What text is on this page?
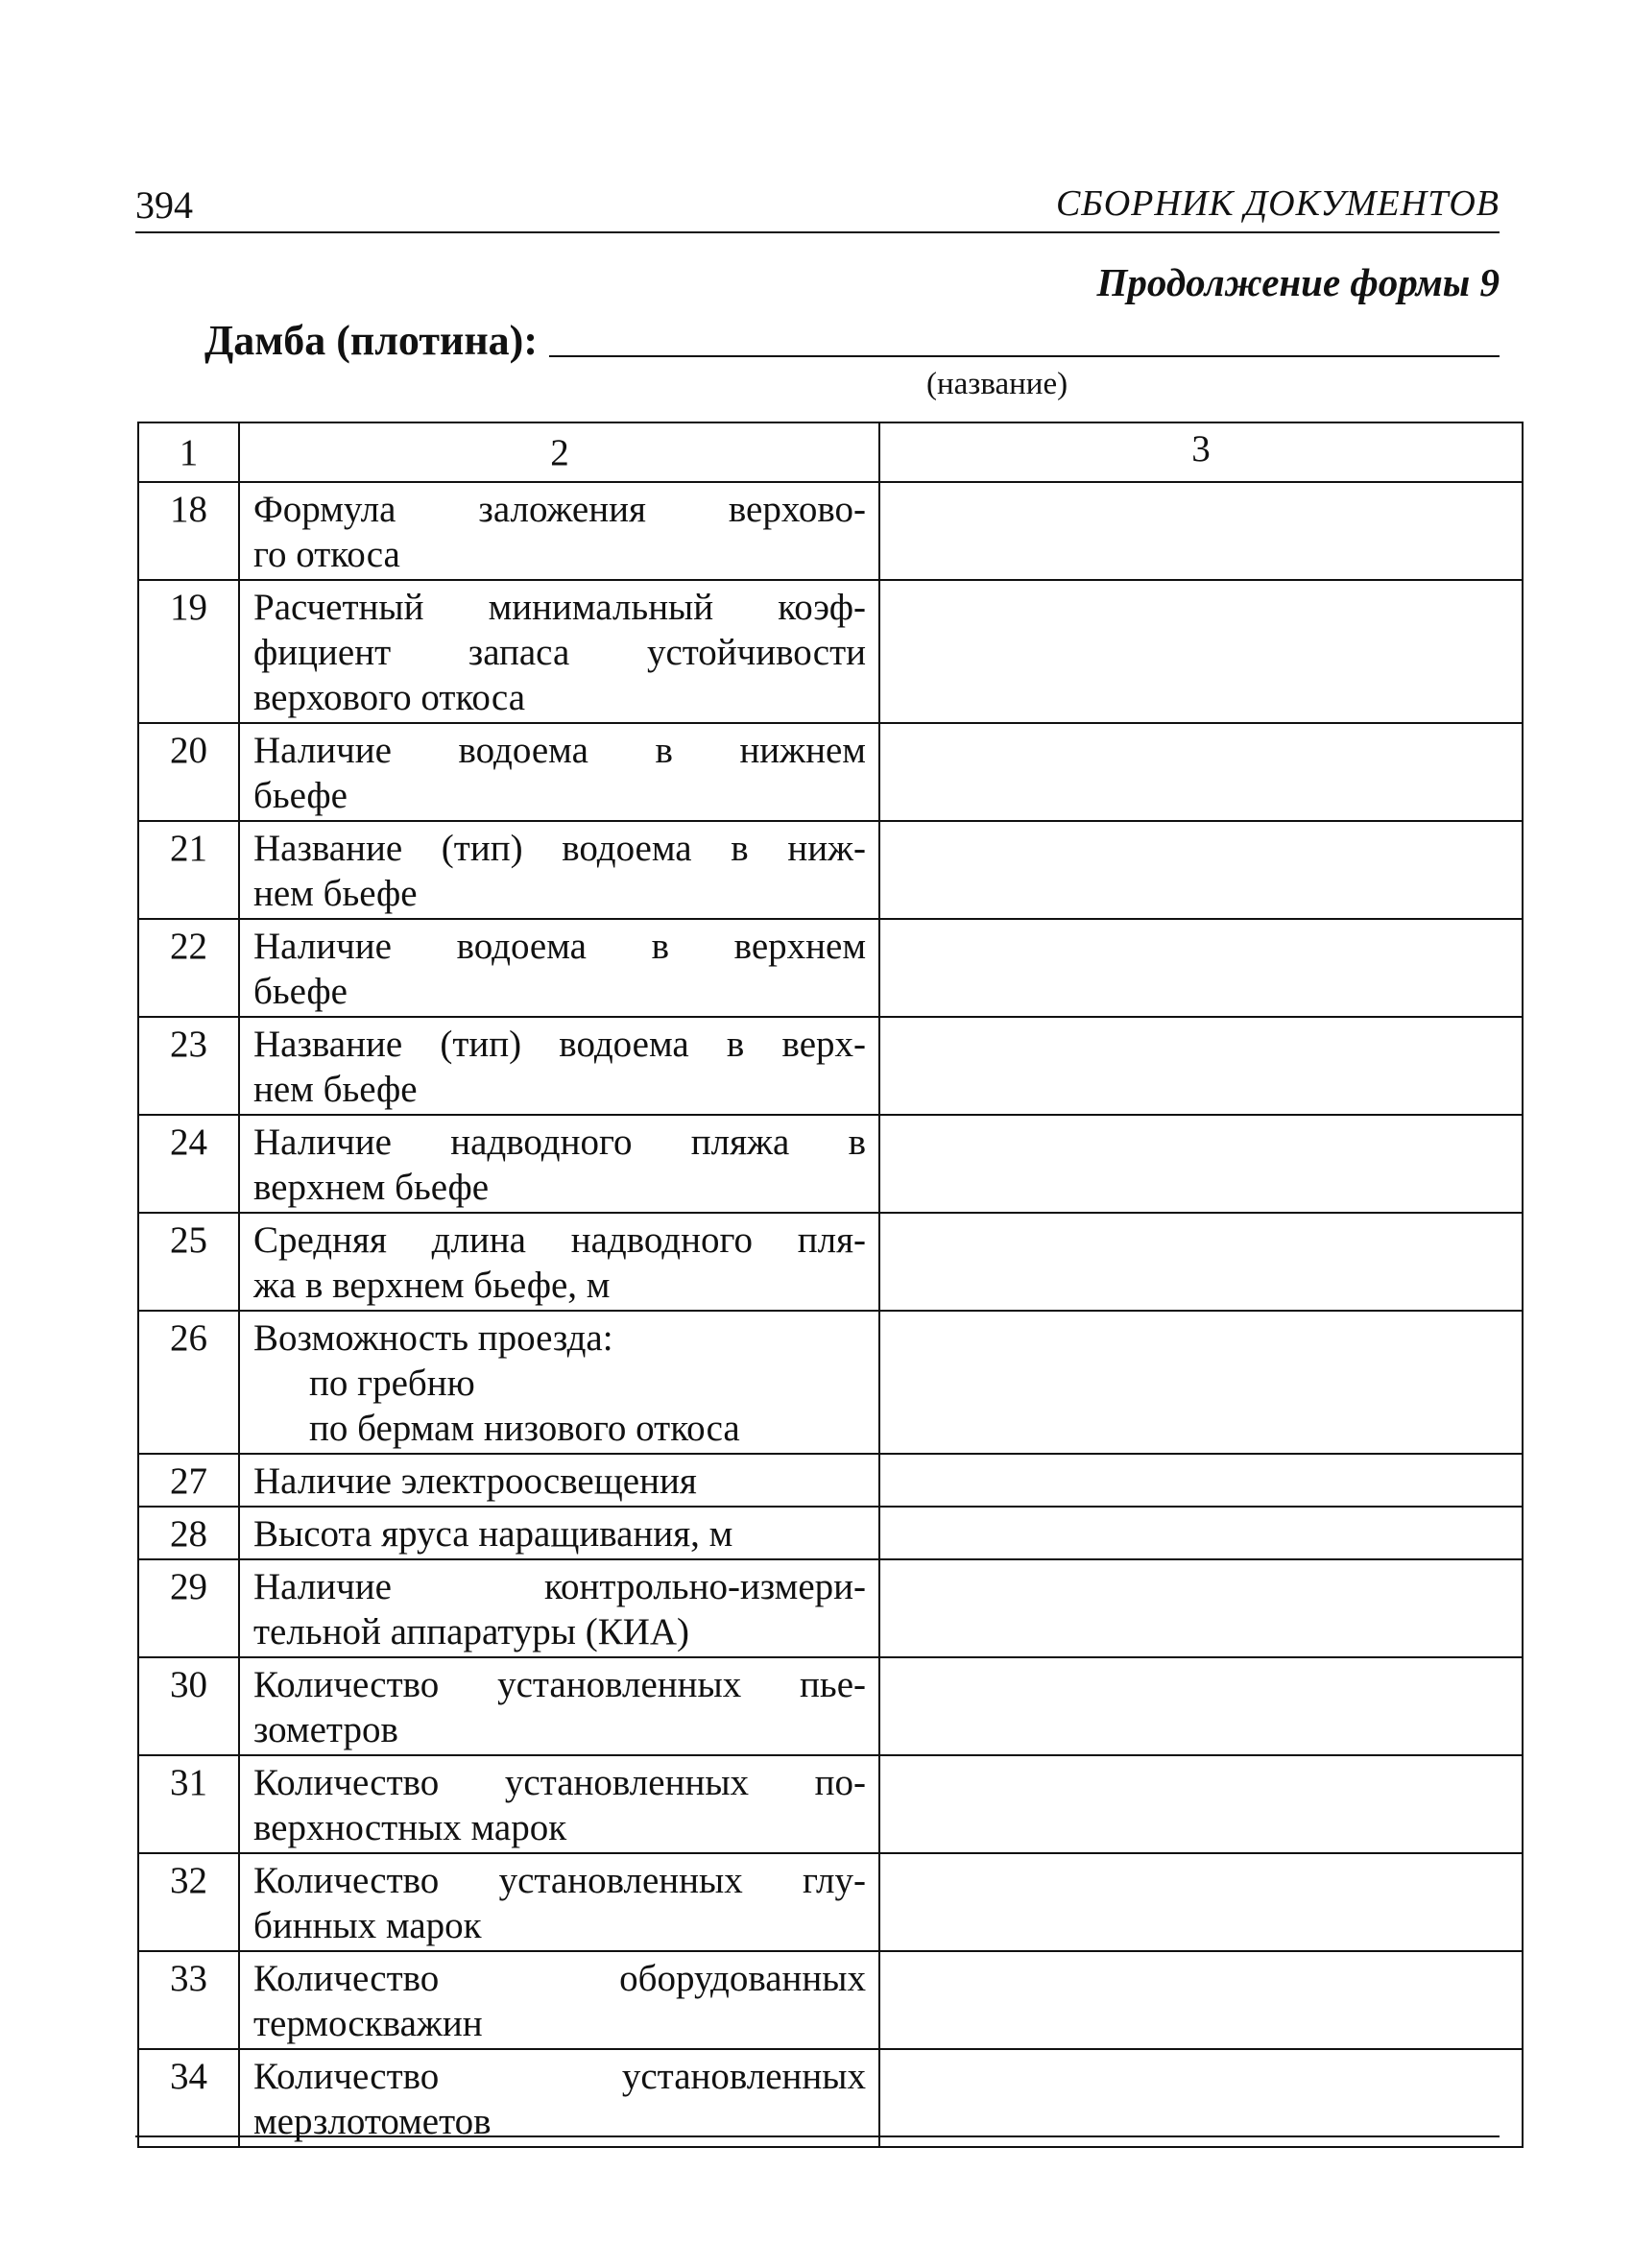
394	СБОРНИК ДОКУМЕНТОВ
Продолжение формы 9
Дамба (плотина):
(название)
1	2	3
18	Формула заложения верхово-
го откоса	

19	Расчетный минимальный коэф-
фициент запаса устойчивости
верхового откоса	

20	Наличие водоема в нижнем
бьефе	

21	Название (тип) водоема в ниж-
нем бьефе	

22	Наличие водоема в верхнем
бьефе	

23	Название (тип) водоема в верх-
нем бьефе	

24	Наличие надводного пляжа в
верхнем бьефе	

25	Средняя длина надводного пля-
жа в верхнем бьефе, м	

26	Возможность проезда:
по гребню
по бермам низового откоса	

27	Наличие электроосвещения	

28	Высота яруса наращивания, м	

29	Наличие контрольно-измери-
тельной аппаратуры (КИА)	

30	Количество установленных пье-
зометров	

31	Количество установленных по-
верхностных марок	

32	Количество установленных глу-
бинных марок	

33	Количество оборудованных
термоскважин	

34	Количество установленных
мерзлотометов	
